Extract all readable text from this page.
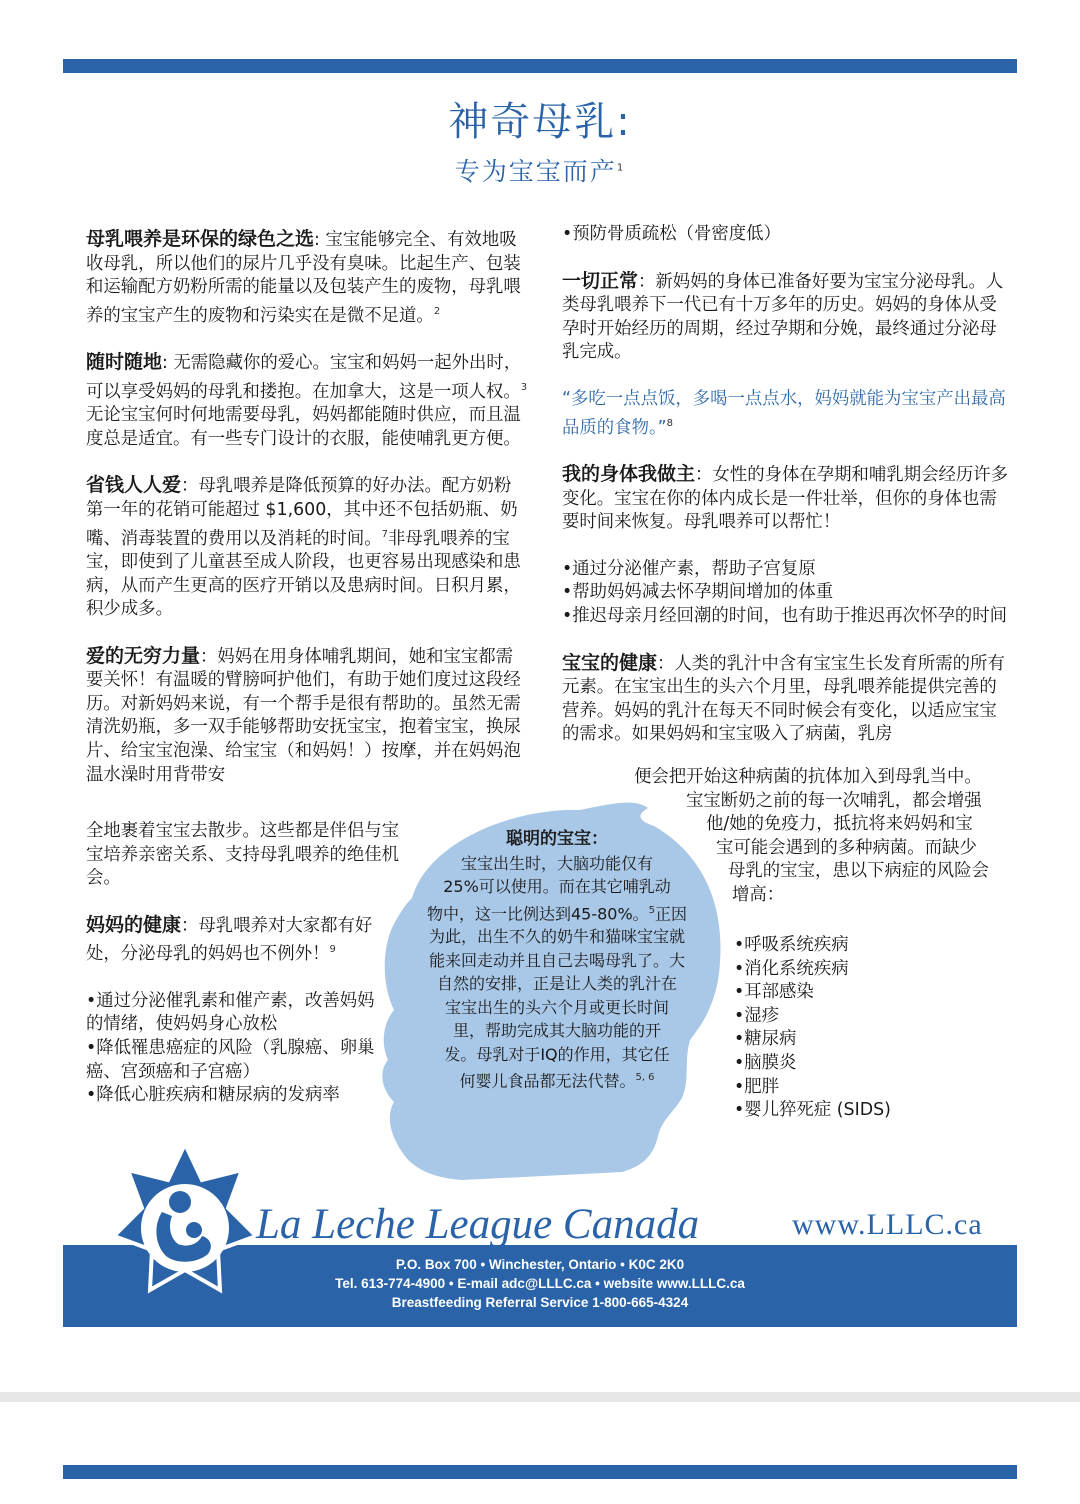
神奇母乳:
专为宝宝而产$^1$

母乳喂养是环保的绿色之选: 宝宝能够完全、有效地吸收母乳，所以他们的尿片几乎没有臭味。比起生产、包装和运输配方奶粉所需的能量以及包装产生的废物，母乳喂养的宝宝产生的废物和污染实在是微不足道。$^2$

随时随地: 无需隐藏你的爱心。宝宝和妈妈一起外出时，可以享受妈妈的母乳和搂抱。在加拿大，这是一项人权。$^3$无论宝宝何时何地需要母乳，妈妈都能随时供应，而且温度总是适宜。有一些专门设计的衣服，能使哺乳更方便。

省钱人人爱：母乳喂养是降低预算的好办法。配方奶粉第一年的花销可能超过 $1,600，其中还不包括奶瓶、奶嘴、消毒装置的费用以及消耗的时间。$^7$非母乳喂养的宝宝，即使到了儿童甚至成人阶段，也更容易出现感染和患病，从而产生更高的医疗开销以及患病时间。日积月累，积少成多。

爱的无穷力量：妈妈在用身体哺乳期间，她和宝宝都需要关怀！有温暖的臂膀呵护他们，有助于她们度过这段经历。对新妈妈来说，有一个帮手是很有帮助的。虽然无需清洗奶瓶，多一双手能够帮助安抚宝宝，抱着宝宝，换尿片、给宝宝泡澡、给宝宝（和妈妈！）按摩，并在妈妈泡温水澡时用背带安

全地裹着宝宝去散步。这些都是伴侣与宝宝培养亲密关系、支持母乳喂养的绝佳机会。

妈妈的健康：母乳喂养对大家都有好处，分泌母乳的妈妈也不例外！$^9$

•通过分泌催乳素和催产素，改善妈妈的情绪，使妈妈身心放松
•降低罹患癌症的风险（乳腺癌、卵巢癌、宫颈癌和子宫癌）
•降低心脏疾病和糖尿病的发病率

•预防骨质疏松（骨密度低）

一切正常：新妈妈的身体已准备好要为宝宝分泌母乳。人类母乳喂养下一代已有十万多年的历史。妈妈的身体从受孕时开始经历的周期，经过孕期和分娩，最终通过分泌母乳完成。

“多吃一点点饭，多喝一点点水，妈妈就能为宝宝产出最高品质的食物。”$^8$

我的身体我做主：女性的身体在孕期和哺乳期会经历许多变化。宝宝在你的体内成长是一件壮举，但你的身体也需要时间来恢复。母乳喂养可以帮忙！

•通过分泌催产素，帮助子宫复原
•帮助妈妈减去怀孕期间增加的体重
•推迟母亲月经回潮的时间，也有助于推迟再次怀孕的时间

宝宝的健康：人类的乳汁中含有宝宝生长发育所需的所有元素。在宝宝出生的头六个月里，母乳喂养能提供完善的营养。妈妈的乳汁在每天不同时候会有变化，以适应宝宝的需求。如果妈妈和宝宝吸入了病菌，乳房

便会把开始这种病菌的抗体加入到母乳当中。
宝宝断奶之前的每一次哺乳，都会增强
他/她的免疫力，抵抗将来妈妈和宝
宝可能会遇到的多种病菌。而缺少
母乳的宝宝，患以下病症的风险会
增高：
•呼吸系统疾病
•消化系统疾病
•耳部感染
•湿疹
•糖尿病
•脑膜炎
•肥胖
•婴儿猝死症 (SIDS)
聪明的宝宝：
宝宝出生时，大脑功能仅有
25%可以使用。而在其它哺乳动
物中，这一比例达到45-80%。$^5$正因
为此，出生不久的奶牛和猫咪宝宝就
能来回走动并且自己去喝母乳了。大
自然的安排，正是让人类的乳汁在
宝宝出生的头六个月或更长时间
里，帮助完成其大脑功能的开
发。母乳对于IQ的作用，其它任
何婴儿食品都无法代替。$^{5, 6}$
La Leche League Canada	www.LLLC.ca
P.O. Box 700 • Winchester, Ontario • K0C 2K0
Tel. 613-774-4900 • E-mail adc@LLLC.ca • website www.LLLC.ca
Breastfeeding Referral Service 1-800-665-4324
